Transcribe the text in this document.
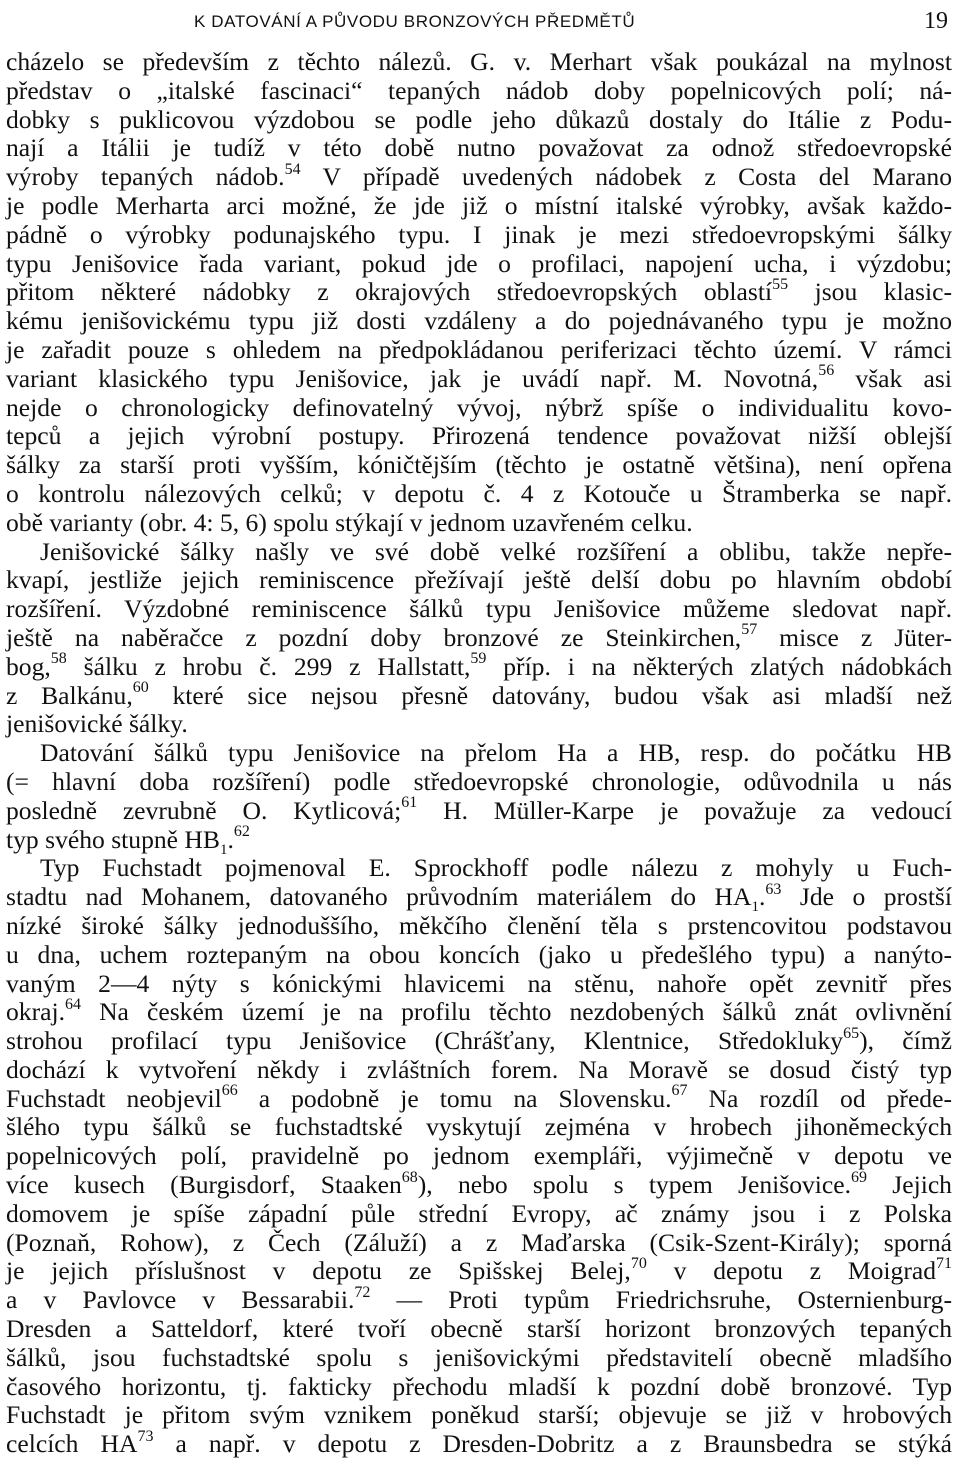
K DATOVÁNÍ A PŮVODU BRONZOVÝCH PŘEDMĚTŮ	19
cházelo se především z těchto nálezů. G. v. Merhart však poukázal na mylnost
představ o „italské fascinaci“ tepaných nádob doby popelnicových polí; ná-
dobky s puklicovou výzdobou se podle jeho důkazů dostaly do Itálie z Podu-
nají a Itálii je tudíž v této době nutno považovat za odnož středoevropské
výroby tepaných nádob.$^{54}$ V případě uvedených nádobek z Costa del Marano
je podle Merharta arci možné, že jde již o místní italské výrobky, avšak každo-
pádně o výrobky podunajského typu. I jinak je mezi středoevropskými šálky
typu Jenišovice řada variant, pokud jde o profilaci, napojení ucha, i výzdobu;
přitom některé nádobky z okrajových středoevropských oblastí$^{55}$ jsou klasic-
kému jenišovickému typu již dosti vzdáleny a do pojednávaného typu je možno
je zařadit pouze s ohledem na předpokládanou periferizaci těchto území. V rámci
variant klasického typu Jenišovice, jak je uvádí např. M. Novotná,$^{56}$ však asi
nejde o chronologicky definovatelný vývoj, nýbrž spíše o individualitu kovo-
tepců a jejich výrobní postupy. Přirozená tendence považovat nižší oblejší
šálky za starší proti vyšším, kóničtějším (těchto je ostatně většina), není opřena
o kontrolu nálezových celků; v depotu č. 4 z Kotouče u Štramberka se např.
obě varianty (obr. 4: 5, 6) spolu stýkají v jednom uzavřeném celku.
Jenišovické šálky našly ve své době velké rozšíření a oblibu, takže nepře-
kvapí, jestliže jejich reminiscence přežívají ještě delší dobu po hlavním období
rozšíření. Výzdobné reminiscence šálků typu Jenišovice můžeme sledovat např.
ještě na naběračce z pozdní doby bronzové ze Steinkirchen,$^{57}$ misce z Jüter-
bog,$^{58}$ šálku z hrobu č. 299 z Hallstatt,$^{59}$ příp. i na některých zlatých nádobkách
z Balkánu,$^{60}$ které sice nejsou přesně datovány, budou však asi mladší než
jenišovické šálky.
Datování šálků typu Jenišovice na přelom Ha a HB, resp. do počátku HB
(= hlavní doba rozšíření) podle středoevropské chronologie, odůvodnila u nás
posledně zevrubně O. Kytlicová;$^{61}$ H. Müller-Karpe je považuje za vedoucí
typ svého stupně $HB_1.^{62}$
Typ Fuchstadt pojmenoval E. Sprockhoff podle nálezu z mohyly u Fuch-
stadtu nad Mohanem, datovaného průvodním materiálem do $HA_1.^{63}$ Jde o prostší
nízké široké šálky jednoduššího, měkčího členění těla s prstencovitou podstavou
u dna, uchem roztepaným na obou koncích (jako u předešlého typu) a nanýto-
vaným 2—4 nýty s kónickými hlavicemi na stěnu, nahoře opět zevnitř přes
okraj.$^{64}$ Na českém území je na profilu těchto nezdobených šálků znát ovlivnění
strohou profilací typu Jenišovice (Chrášťany, Klentnice, Středokluky$^{65}$), čímž
dochází k vytvoření někdy i zvláštních forem. Na Moravě se dosud čistý typ
Fuchstadt neobjevil$^{66}$ a podobně je tomu na Slovensku.$^{67}$ Na rozdíl od přede-
šlého typu šálků se fuchstadtské vyskytují zejména v hrobech jihoněmeckých
popelnicových polí, pravidelně po jednom exempláři, výjimečně v depotu ve
více kusech (Burgisdorf, Staaken$^{68}$), nebo spolu s typem Jenišovice.$^{69}$ Jejich
domovem je spíše západní půle střední Evropy, ač známy jsou i z Polska
(Poznaň, Rohow), z Čech (Záluží) a z Maďarska (Csik-Szent-Király); sporná
je jejich příslušnost v depotu ze Spišskej Belej,$^{70}$ v depotu z Moigrad$^{71}$
a v Pavlovce v Bessarabii.$^{72}$ — Proti typům Friedrichsruhe, Osternienburg-
Dresden a Satteldorf, které tvoří obecně starší horizont bronzových tepaných
šálků, jsou fuchstadtské spolu s jenišovickými představitelí obecně mladšího
časového horizontu, tj. fakticky přechodu mladší k pozdní době bronzové. Typ
Fuchstadt je přitom svým vznikem poněkud starší; objevuje se již v hrobových
celcích HA$^{73}$ a např. v depotu z Dresden-Dobritz a z Braunsbedra se stýká
